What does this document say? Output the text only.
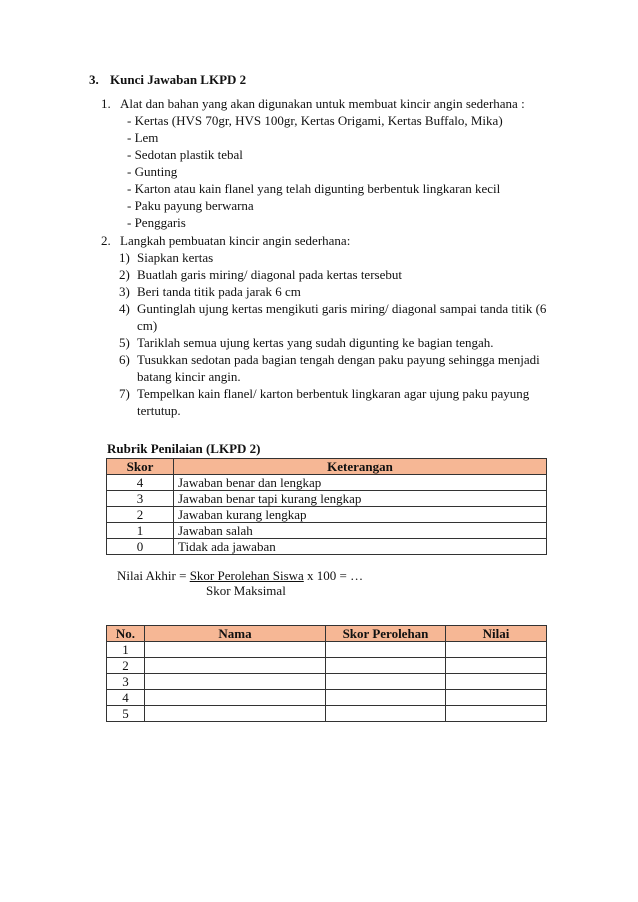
3. Kunci Jawaban LKPD 2
1. Alat dan bahan yang akan digunakan untuk membuat kincir angin sederhana :
- Kertas (HVS 70gr, HVS 100gr, Kertas Origami, Kertas Buffalo, Mika)
- Lem
- Sedotan plastik tebal
- Gunting
- Karton atau kain flanel yang telah digunting berbentuk lingkaran kecil
- Paku payung berwarna
- Penggaris
2. Langkah pembuatan kincir angin sederhana:
1) Siapkan kertas
2) Buatlah garis miring/ diagonal pada kertas tersebut
3) Beri tanda titik pada jarak 6 cm
4) Guntinglah ujung kertas mengikuti garis miring/ diagonal sampai tanda titik (6
cm)
5) Tariklah semua ujung kertas yang sudah digunting ke bagian tengah.
6) Tusukkan sedotan pada bagian tengah dengan paku payung sehingga menjadi
batang kincir angin.
7) Tempelkan kain flanel/ karton berbentuk lingkaran agar ujung paku payung
tertutup.
Rubrik Penilaian (LKPD 2)
Skor	Keterangan
4	Jawaban benar dan lengkap
3	Jawaban benar tapi kurang lengkap
2	Jawaban kurang lengkap
1	Jawaban salah
0	Tidak ada jawaban
Nilai Akhir = Skor Perolehan Siswa x 100 = …
Skor Maksimal
No.	Nama	Skor Perolehan	Nilai
1			
2			
3			
4			
5			
